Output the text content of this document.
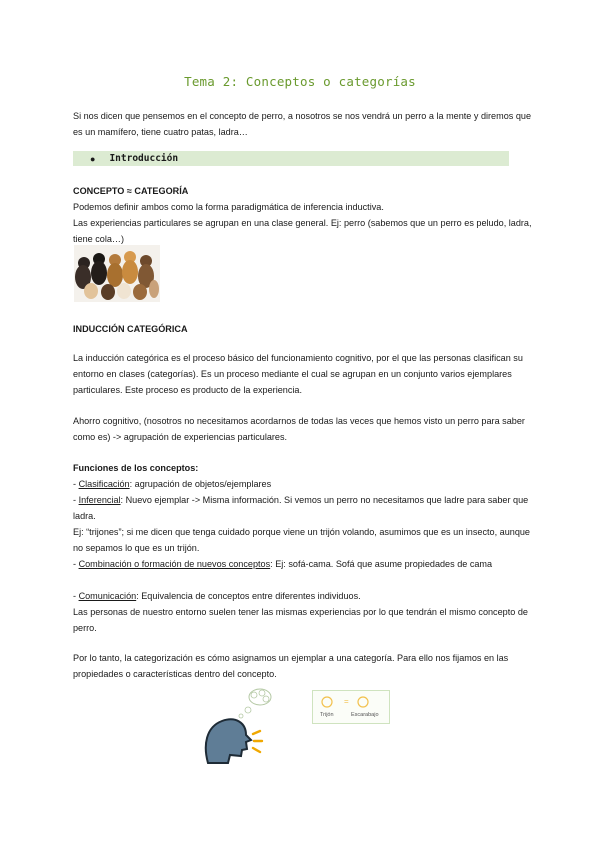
Tema 2: Conceptos o categorías
Si nos dicen que pensemos en el concepto de perro, a nosotros se nos vendrá un perro a la mente y diremos que es un mamífero, tiene cuatro patas, ladra…
● Introducción
CONCEPTO ≈ CATEGORÍA
Podemos definir ambos como la forma paradigmática de inferencia inductiva.
Las experiencias particulares se agrupan en una clase general. Ej: perro (sabemos que un perro es peludo, ladra, tiene cola…)
INDUCCIÓN CATEGÓRICA
La inducción categórica es el proceso básico del funcionamiento cognitivo, por el que las personas clasifican su entorno en clases (categorías). Es un proceso mediante el cual se agrupan en un conjunto varios ejemplares particulares. Este proceso es producto de la experiencia.
Ahorro cognitivo, (nosotros no necesitamos acordarnos de todas las veces que hemos visto un perro para saber como es) -> agrupación de experiencias particulares.
Funciones de los conceptos:
- Clasificación: agrupación de objetos/ejemplares
- Inferencial: Nuevo ejemplar -> Misma información. Si vemos un perro no necesitamos que ladre para saber que ladra.
Ej: “trijones”; si me dicen que tenga cuidado porque viene un trijón volando, asumimos que es un insecto, aunque no sepamos lo que es un trijón.
- Combinación o formación de nuevos conceptos: Ej: sofá-cama. Sofá que asume propiedades de cama
- Comunicación: Equivalencia de conceptos entre diferentes individuos.
Las personas de nuestro entorno suelen tener las mismas experiencias por lo que tendrán el mismo concepto de perro.
Por lo tanto, la categorización es cómo asignamos un ejemplar a una categoría. Para ello nos fijamos en las propiedades o características dentro del concepto.
=
Trijón	Escarabajo
